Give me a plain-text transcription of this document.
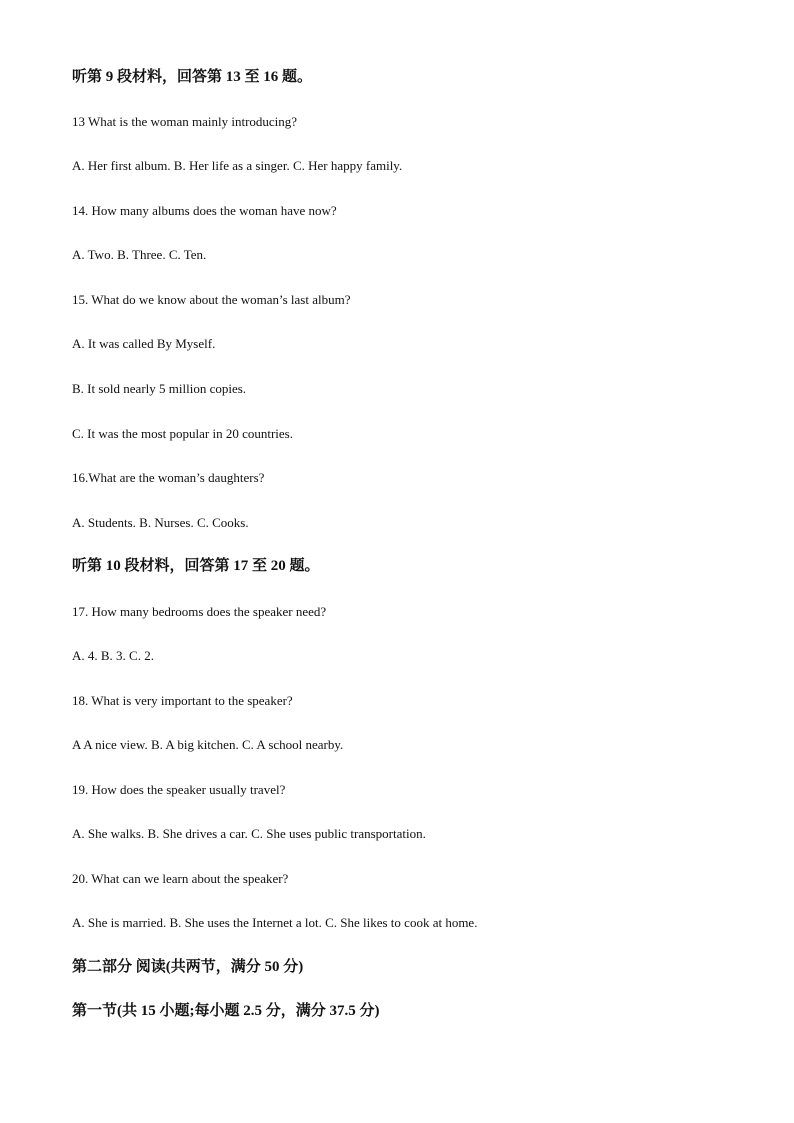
听第 9 段材料，回答第 13 至 16 题。
13 What is the woman mainly introducing?
A. Her first album. B. Her life as a singer. C. Her happy family.
14. How many albums does the woman have now?
A. Two. B. Three. C. Ten.
15. What do we know about the woman’s last album?
A. It was called By Myself.
B. It sold nearly 5 million copies.
C. It was the most popular in 20 countries.
16.What are the woman’s daughters?
A. Students. B. Nurses. C. Cooks.
听第 10 段材料，回答第 17 至 20 题。
17. How many bedrooms does the speaker need?
A. 4. B. 3. C. 2.
18. What is very important to the speaker?
A A nice view. B. A big kitchen. C. A school nearby.
19. How does the speaker usually travel?
A. She walks. B. She drives a car. C. She uses public transportation.
20. What can we learn about the speaker?
A. She is married. B. She uses the Internet a lot. C. She likes to cook at home.
第二部分 阅读(共两节，满分 50 分)
第一节(共 15 小题;每小题 2.5 分，满分 37.5 分)
